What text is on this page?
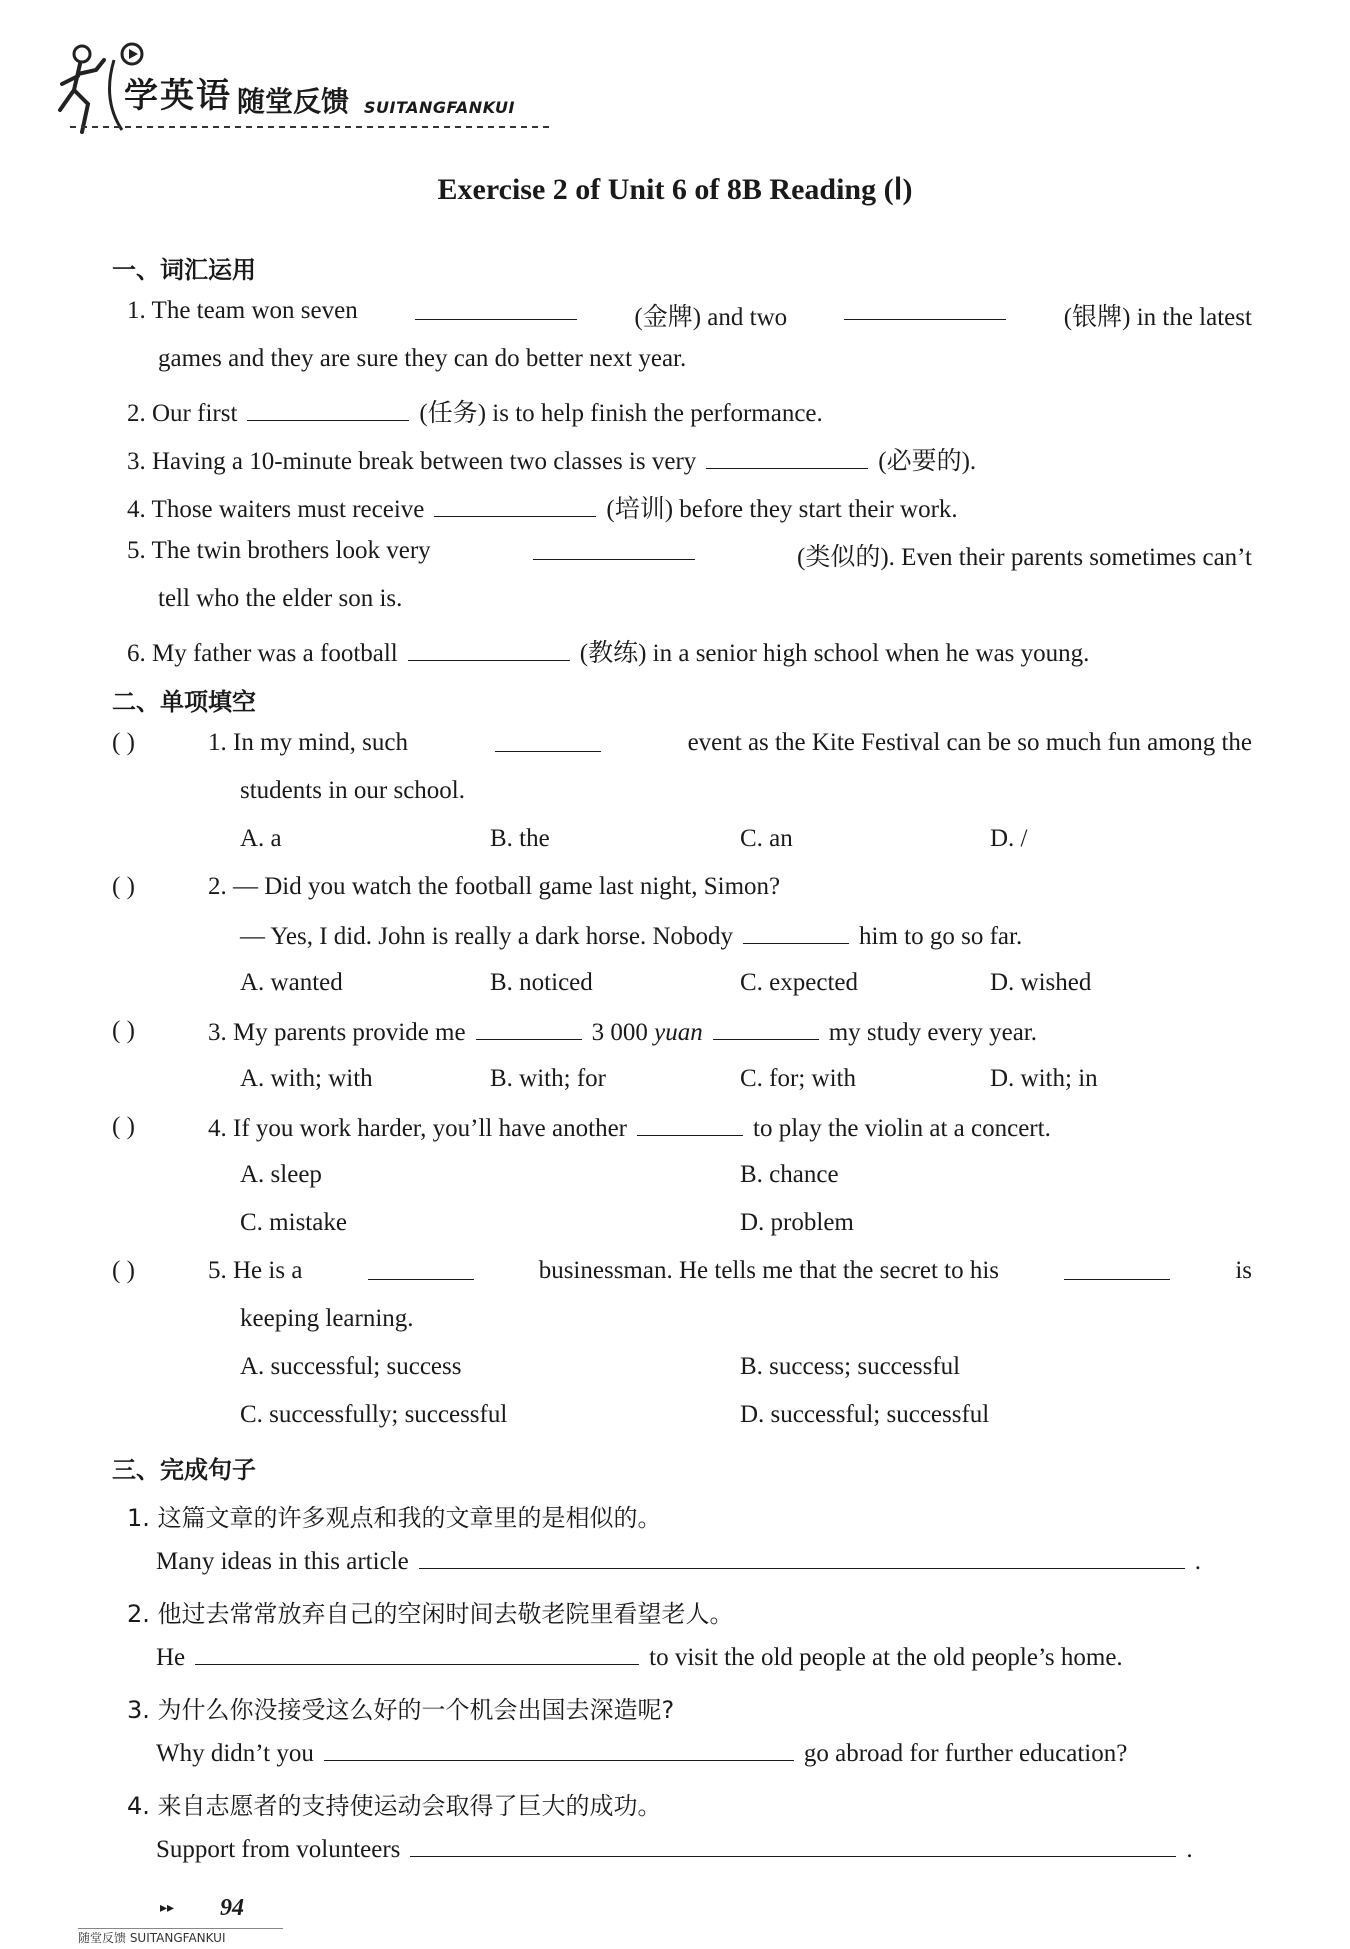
学英语 随堂反馈 SUITANGFANKUI
Exercise 2 of Unit 6 of 8B Reading (Ⅰ)
一、词汇运用
1. The team won seven	(金牌) and two	(银牌) in the latest
games and they are sure they can do better next year.
2. Our first	(任务) is to help finish the performance.
3. Having a 10-minute break between two classes is very	(必要的).
4. Those waiters must receive	(培训) before they start their work.
5. The twin brothers look very	(类似的). Even their parents sometimes can’t
tell who the elder son is.
6. My father was a football	(教练) in a senior high school when he was young.
二、单项填空
( )	1. In my mind, such	event as the Kite Festival can be so much fun among the
students in our school.
A. a	B. the	C. an	D. /
( )	2. — Did you watch the football game last night, Simon?
— Yes, I did. John is really a dark horse. Nobody	him to go so far.
A. wanted	B. noticed	C. expected	D. wished
( )	3. My parents provide me	3 000 yuan	my study every year.
A. with; with	B. with; for	C. for; with	D. with; in
( )	4. If you work harder, you’ll have another	to play the violin at a concert.
A. sleep	B. chance
C. mistake	D. problem
( )	5. He is a	businessman. He tells me that the secret to his	is
keeping learning.
A. successful; success	B. success; successful
C. successfully; successful	D. successful; successful
三、完成句子
1. 这篇文章的许多观点和我的文章里的是相似的。
Many ideas in this article	.
2. 他过去常常放弃自己的空闲时间去敬老院里看望老人。
He	to visit the old people at the old people’s home.
3. 为什么你没接受这么好的一个机会出国去深造呢?
Why didn’t you	go abroad for further education?
4. 来自志愿者的支持使运动会取得了巨大的成功。
Support from volunteers	.
▸▸ 94
随堂反馈 SUITANGFANKUI
